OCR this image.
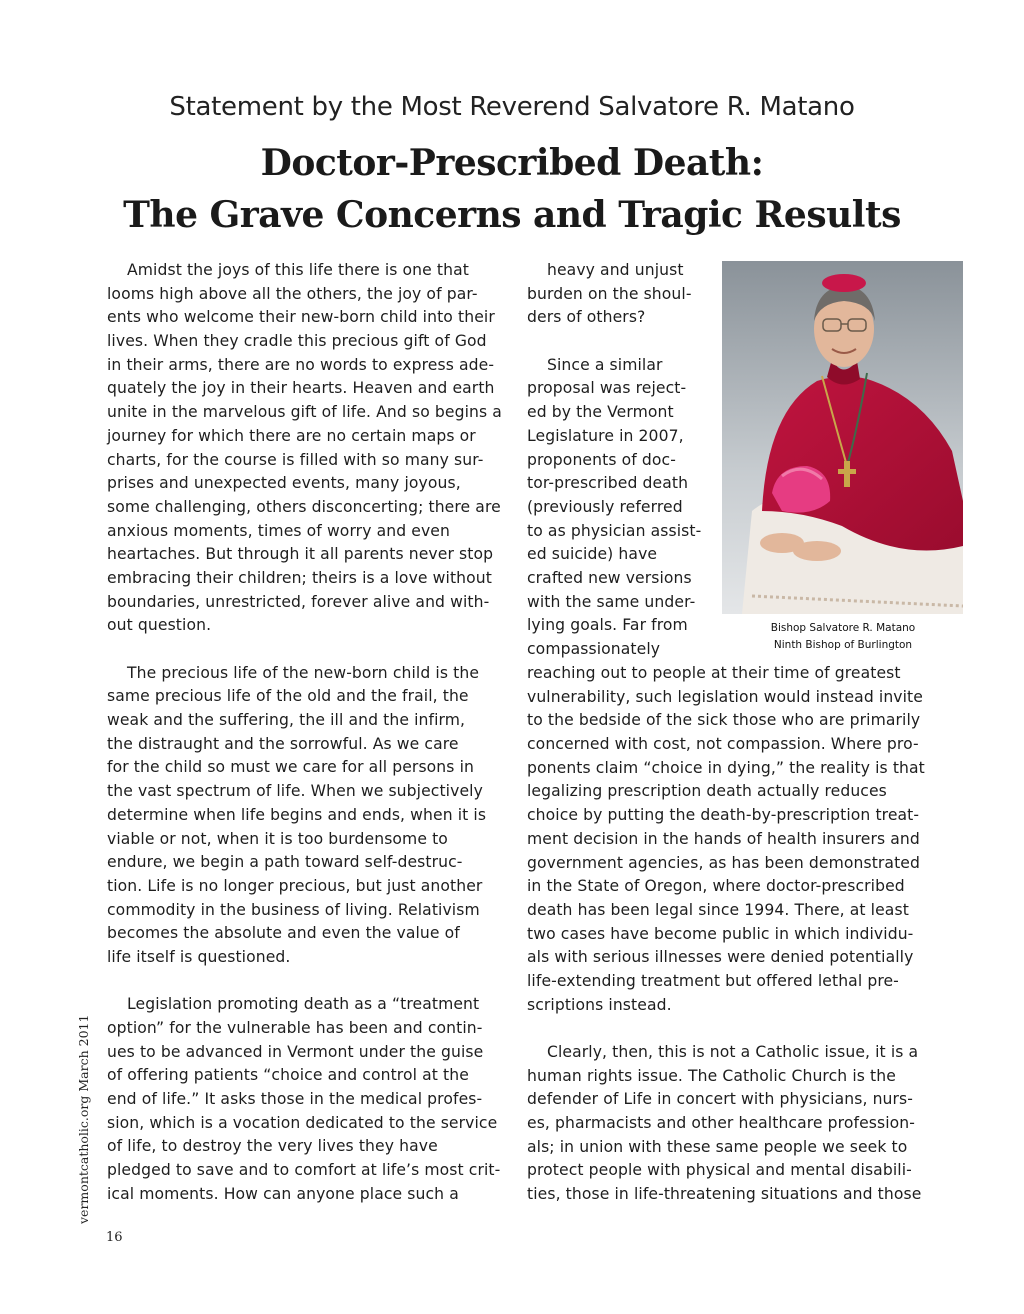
Statement by the Most Reverend Salvatore R. Matano
Doctor-Prescribed Death:
The Grave Concerns and Tragic Results
Amidst the joys of this life there is one that
looms high above all the others, the joy of par-
ents who welcome their new-born child into their
lives. When they cradle this precious gift of God
in their arms, there are no words to express ade-
quately the joy in their hearts. Heaven and earth
unite in the marvelous gift of life. And so begins a
journey for which there are no certain maps or
charts, for the course is filled with so many sur-
prises and unexpected events, many joyous,
some challenging, others disconcerting; there are
anxious moments, times of worry and even
heartaches. But through it all parents never stop
embracing their children; theirs is a love without
boundaries, unrestricted, forever alive and with-
out question.
The precious life of the new-born child is the
same precious life of the old and the frail, the
weak and the suffering, the ill and the infirm,
the distraught and the sorrowful. As we care
for the child so must we care for all persons in
the vast spectrum of life. When we subjectively
determine when life begins and ends, when it is
viable or not, when it is too burdensome to
endure, we begin a path toward self-destruc-
tion. Life is no longer precious, but just another
commodity in the business of living. Relativism
becomes the absolute and even the value of
life itself is questioned.
Legislation promoting death as a “treatment
option” for the vulnerable has been and contin-
ues to be advanced in Vermont under the guise
of offering patients “choice and control at the
end of life.” It asks those in the medical profes-
sion, which is a vocation dedicated to the service
of life, to destroy the very lives they have
pledged to save and to comfort at life’s most crit-
ical moments. How can anyone place such a
heavy and unjust
burden on the shoul-
ders of others?
Since a similar
proposal was reject-
ed by the Vermont
Legislature in 2007,
proponents of doc-
tor-prescribed death
(previously referred
to as physician assist-
ed suicide) have
crafted new versions
with the same under-
lying goals. Far from
compassionately
reaching out to people at their time of greatest
vulnerability, such legislation would instead invite
to the bedside of the sick those who are primarily
concerned with cost, not compassion. Where pro-
ponents claim “choice in dying,” the reality is that
legalizing prescription death actually reduces
choice by putting the death-by-prescription treat-
ment decision in the hands of health insurers and
government agencies, as has been demonstrated
in the State of Oregon, where doctor-prescribed
death has been legal since 1994. There, at least
two cases have become public in which individu-
als with serious illnesses were denied potentially
life-extending treatment but offered lethal pre-
scriptions instead.
Clearly, then, this is not a Catholic issue, it is a
human rights issue. The Catholic Church is the
defender of Life in concert with physicians, nurs-
es, pharmacists and other healthcare profession-
als; in union with these same people we seek to
protect people with physical and mental disabili-
ties, those in life-threatening situations and those
Bishop Salvatore R. Matano
Ninth Bishop of Burlington
vermontcatholic.org March 2011
16
